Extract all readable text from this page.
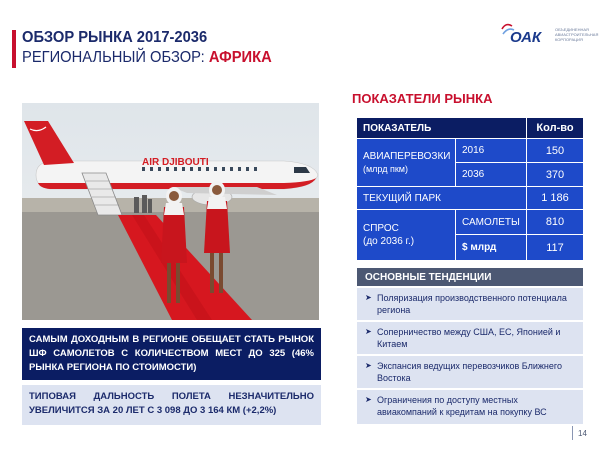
ОБЗОР РЫНКА 2017-2036
РЕГИОНАЛЬНЫЙ ОБЗОР: АФРИКА
ОАК	ОБЪЕДИНЕННАЯ АВИАСТРОИТЕЛЬНАЯ КОРПОРАЦИЯ
AIR DJIBOUTI
ПОКАЗАТЕЛИ РЫНКА
ПОКАЗАТЕЛЬ	Кол-во
АВИАПЕРЕВОЗКИ
(млрд пкм)
2016	150
2036	370
ТЕКУЩИЙ ПАРК	1 186
СПРОС
(до 2036 г.)
САМОЛЕТЫ	810
$ млрд	117
ОСНОВНЫЕ ТЕНДЕНЦИИ
➤ Поляризация производственного потенциала региона
➤ Соперничество между США, ЕС, Японией и Китаем
➤ Экспансия ведущих перевозчиков Ближнего Востока
➤ Ограничения по доступу местных авиакомпаний к кредитам на покупку ВС
САМЫМ ДОХОДНЫМ В РЕГИОНЕ ОБЕЩАЕТ СТАТЬ РЫНОК ШФ САМОЛЕТОВ С КОЛИЧЕСТВОМ МЕСТ ДО 325 (46% РЫНКА РЕГИОНА ПО СТОИМОСТИ)
ТИПОВАЯ ДАЛЬНОСТЬ ПОЛЕТА НЕЗНАЧИТЕЛЬНО УВЕЛИЧИТСЯ ЗА 20 ЛЕТ С 3 098 ДО 3 164 КМ (+2,2%)
14
